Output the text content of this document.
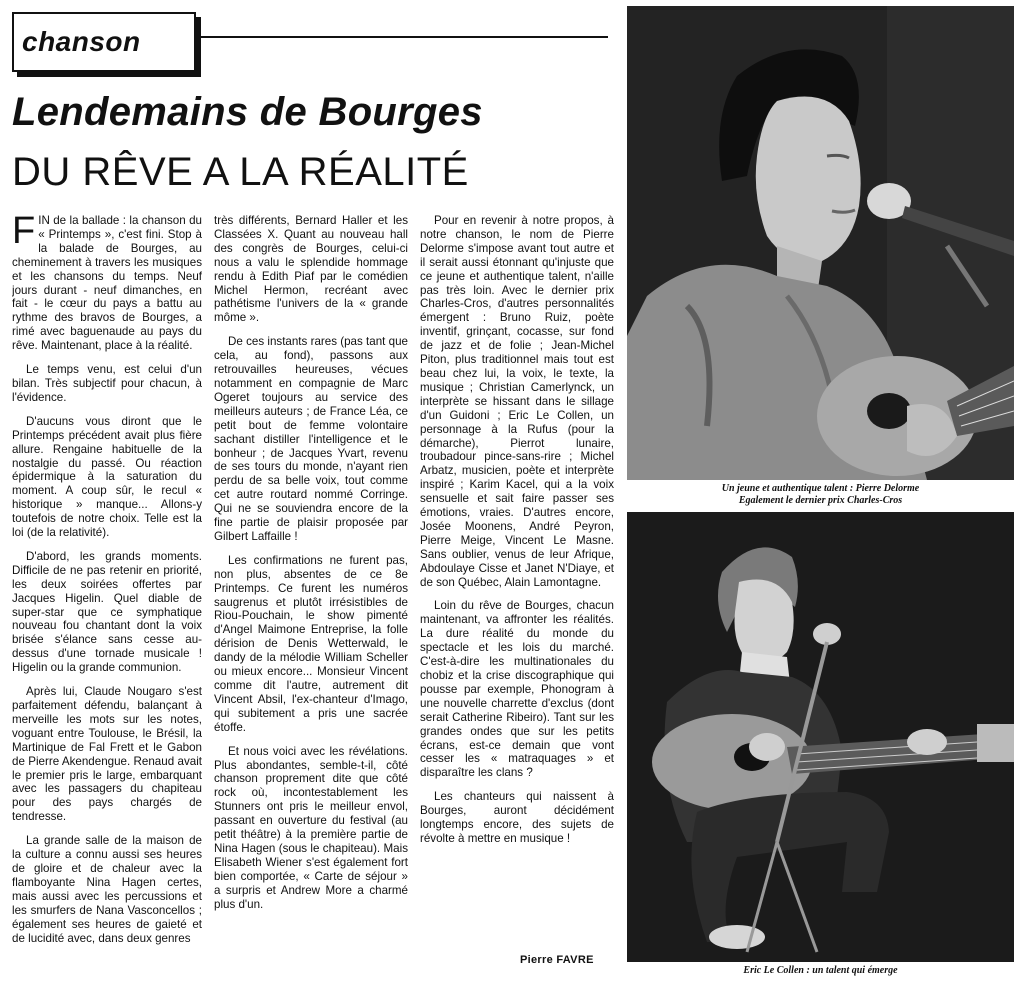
chanson
Lendemains de Bourges
DU RÊVE A LA RÉALITÉ

FIN de la ballade : la chanson du « Printemps », c'est fini. Stop à la balade de Bourges, au cheminement à travers les musiques et les chansons du temps. Neuf jours durant - neuf dimanches, en fait - le cœur du pays a battu au rythme des bravos de Bourges, a rimé avec baguenaude au pays du rêve. Maintenant, place à la réalité.

Le temps venu, est celui d'un bilan. Très subjectif pour chacun, à l'évidence.

D'aucuns vous diront que le Printemps précédent avait plus fière allure. Rengaine habituelle de la nostalgie du passé. Ou réaction épidermique à la saturation du moment. A coup sûr, le recul « historique » manque... Allons-y toutefois de notre choix. Telle est la loi (de la relativité).

D'abord, les grands moments. Difficile de ne pas retenir en priorité, les deux soirées offertes par Jacques Higelin. Quel diable de super-star que ce symphatique nouveau fou chantant dont la voix brisée s'élance sans cesse au-dessus d'une tornade musicale ! Higelin ou la grande communion.

Après lui, Claude Nougaro s'est parfaitement défendu, balançant à merveille les mots sur les notes, voguant entre Toulouse, le Brésil, la Martinique de Fal Frett et le Gabon de Pierre Akendengue. Renaud avait le premier pris le large, embarquant avec les passagers du chapiteau pour des pays chargés de tendresse.

La grande salle de la maison de la culture a connu aussi ses heures de gloire et de chaleur avec la flamboyante Nina Hagen certes, mais aussi avec les percussions et les smurfers de Nana Vasconcellos ; également ses heures de gaieté et de lucidité avec, dans deux genres

très différents, Bernard Haller et les Classées X. Quant au nouveau hall des congrès de Bourges, celui-ci nous a valu le splendide hommage rendu à Edith Piaf par le comédien Michel Hermon, recréant avec pathétisme l'univers de la « grande môme ».

De ces instants rares (pas tant que cela, au fond), passons aux retrouvailles heureuses, vécues notamment en compagnie de Marc Ogeret toujours au service des meilleurs auteurs ; de France Léa, ce petit bout de femme volontaire sachant distiller l'intelligence et le bonheur ; de Jacques Yvart, revenu de ses tours du monde, n'ayant rien perdu de sa belle voix, tout comme cet autre routard nommé Corringe. Qui ne se souviendra encore de la fine partie de plaisir proposée par Gilbert Laffaille !

Les confirmations ne furent pas, non plus, absentes de ce 8e Printemps. Ce furent les numéros saugrenus et plutôt irrésistibles de Riou-Pouchain, le show pimenté d'Angel Maimone Entreprise, la folle dérision de Denis Wetterwald, le dandy de la mélodie William Scheller ou mieux encore... Monsieur Vincent comme dit l'autre, autrement dit Vincent Absil, l'ex-chanteur d'Imago, qui subitement a pris une sacrée étoffe.

Et nous voici avec les révélations. Plus abondantes, semble-t-il, côté chanson proprement dite que côté rock où, incontestablement les Stunners ont pris le meilleur envol, passant en ouverture du festival (au petit théâtre) à la première partie de Nina Hagen (sous le chapiteau). Mais Elisabeth Wiener s'est également fort bien comportée, « Carte de séjour » a surpris et Andrew More a charmé plus d'un.

Pour en revenir à notre propos, à notre chanson, le nom de Pierre Delorme s'impose avant tout autre et il serait aussi étonnant qu'injuste que ce jeune et authentique talent, n'aille pas très loin. Avec le dernier prix Charles-Cros, d'autres personnalités émergent : Bruno Ruiz, poète inventif, grinçant, cocasse, sur fond de jazz et de folie ; Jean-Michel Piton, plus traditionnel mais tout est beau chez lui, la voix, le texte, la musique ; Christian Camerlynck, un interprète se hissant dans le sillage d'un Guidoni ; Eric Le Collen, un personnage à la Rufus (pour la démarche), Pierrot lunaire, troubadour pince-sans-rire ; Michel Arbatz, musicien, poète et interprète inspiré ; Karim Kacel, qui a la voix sensuelle et sait faire passer ses émotions, vraies. D'autres encore, Josée Moonens, André Peyron, Pierre Meige, Vincent Le Masne. Sans oublier, venus de leur Afrique, Abdoulaye Cisse et Janet N'Diaye, et de son Québec, Alain Lamontagne.

Loin du rêve de Bourges, chacun maintenant, va affronter les réalités. La dure réalité du monde du spectacle et les lois du marché. C'est-à-dire les multinationales du chobiz et la crise discographique qui pousse par exemple, Phonogram à une nouvelle charrette d'exclus (dont serait Catherine Ribeiro). Tant sur les grandes ondes que sur les petits écrans, est-ce demain que vont cesser les « matraquages » et disparaître les clans ?

Les chanteurs qui naissent à Bourges, auront décidément longtemps encore, des sujets de révolte à mettre en musique !

Pierre FAVRE
Un jeune et authentique talent : Pierre Delorme
Egalement le dernier prix Charles-Cros
Eric Le Collen : un talent qui émerge
